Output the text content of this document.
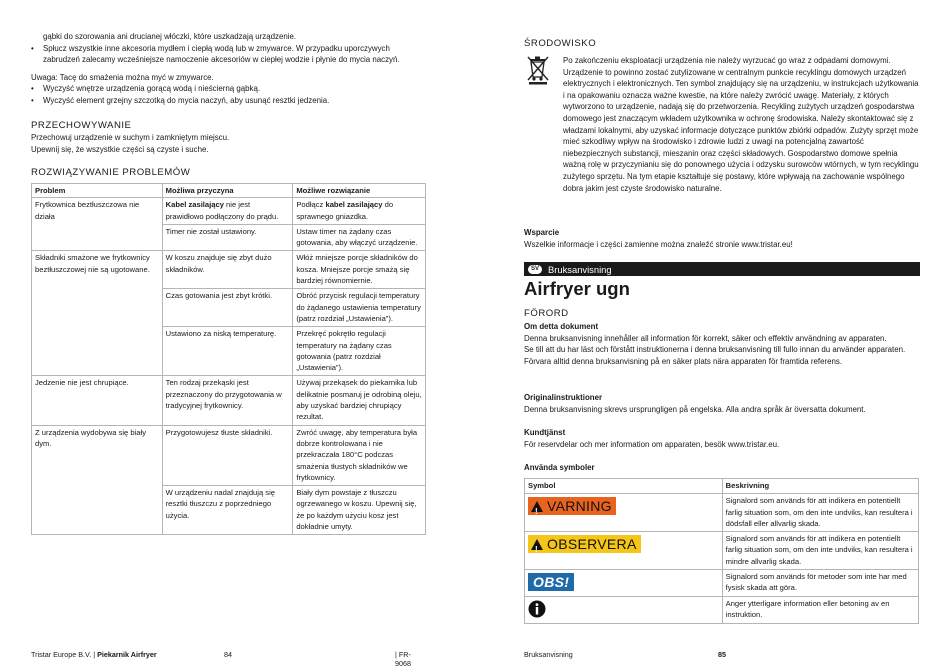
gąbki do szorowania ani drucianej włóczki, które uszkadzają urządzenie.

• Spłucz wszystkie inne akcesoria mydłem i ciepłą wodą lub w zmywarce. W przypadku uporczywych zabrudzeń zalecamy wcześniejsze namoczenie akcesoriów w ciepłej wodzie i płynie do mycia naczyń.

Uwaga: Tacę do smażenia można myć w zmywarce.

• Wyczyść wnętrze urządzenia gorącą wodą i nieścierną gąbką.
• Wyczyść element grzejny szczotką do mycia naczyń, aby usunąć resztki jedzenia.
PRZECHOWYWANIE

Przechowuj urządzenie w suchym i zamkniętym miejscu.

Upewnij się, że wszystkie części są czyste i suche.

ROZWIĄZYWANIE PROBLEMÓW
Problem	Możliwa przyczyna	Możliwe rozwiązanie
Frytkownica beztłuszczowa nie działa	Kabel zasilający nie jest prawidłowo podłączony do prądu.	Podłącz kabel zasilający do sprawnego gniazdka.
	Timer nie został ustawiony.	Ustaw timer na żądany czas gotowania, aby włączyć urządzenie.
Składniki smażone we frytkownicy beztłuszczowej nie są ugotowane.	W koszu znajduje się zbyt dużo składników.	Włóż mniejsze porcje składników do kosza. Mniejsze porcje smażą się bardziej równomiernie.
	Czas gotowania jest zbyt krótki.	Obróć przycisk regulacji temperatury do żądanego ustawienia temperatury (patrz rozdział „Ustawienia”).
	Ustawiono za niską temperaturę.	Przekręć pokrętło regulacji temperatury na żądany czas gotowania (patrz rozdział „Ustawienia”).
Jedzenie nie jest chrupiące.	Ten rodzaj przekąski jest przeznaczony do przygotowania w tradycyjnej frytkownicy.	Używaj przekąsek do piekarnika lub delikatnie posmaruj je odrobiną oleju, aby uzyskać bardziej chrupiący rezultat.
Z urządzenia wydobywa się biały dym.	Przygotowujesz tłuste składniki.	Zwróć uwagę, aby temperatura była dobrze kontrolowana i nie przekraczała 180°C podczas smażenia tłustych składników we frytkownicy.
	W urządzeniu nadal znajdują się resztki tłuszczu z poprzedniego użycia.	Biały dym powstaje z tłuszczu ogrzewanego w koszu. Upewnij się, że po każdym użyciu kosz jest dokładnie umyty.
Tristar Europe B.V. | Piekarnik Airfryer	84	| FR-9068
ŚRODOWISKO

Po zakończeniu eksploatacji urządzenia nie należy wyrzucać go wraz z odpadami domowymi. Urządzenie to powinno zostać zutylizowane w centralnym punkcie recyklingu domowych urządzeń elektrycznych i elektronicznych. Ten symbol znajdujący się na urządzeniu, w instrukcjach użytkowania i na opakowaniu oznacza ważne kwestie, na które należy zwrócić uwagę. Materiały, z których wytworzono to urządzenie, nadają się do przetworzenia. Recykling zużytych urządzeń gospodarstwa domowego jest znaczącym wkładem użytkownika w ochronę środowiska. Należy skontaktować się z władzami lokalnymi, aby uzyskać informacje dotyczące punktów zbiórki odpadów. Zużyty sprzęt może mieć szkodliwy wpływ na środowisko i zdrowie ludzi z uwagi na potencjalną zawartość niebezpiecznych substancji, mieszanin oraz części składowych. Gospodarstwo domowe spełnia ważną rolę w przyczynianiu się do ponownego użycia i odzysku surowców wtórnych, w tym recyklingu zużytego sprzętu. Na tym etapie kształtuje się postawy, które wpływają na zachowanie wspólnego dobra jakim jest czyste środowisko naturalne.

Wsparcie

Wszelkie informacje i części zamienne można znaleźć stronie www.tristar.eu!

SV Bruksanvisning
Airfryer ugn
FÖRORD
Om detta dokument

Denna bruksanvisning innehåller all information för korrekt, säker och effektiv användning av apparaten.

Se till att du har läst och förstått instruktionerna i denna bruksanvisning till fullo innan du använder apparaten.

Förvara alltid denna bruksanvisning på en säker plats nära apparaten för framtida referens.

Originalinstruktioner

Denna bruksanvisning skrevs ursprungligen på engelska. Alla andra språk är översatta dokument.

Kundtjänst

För reservdelar och mer information om apparaten, besök www.tristar.eu.

Använda symboler
Symbol	Beskrivning

! VARNING	Signalord som används för att indikera en potentiellt farlig situation som, om den inte undviks, kan resultera i dödsfall eller allvarlig skada.

! OBSERVERA	Signalord som används för att indikera en potentiellt farlig situation som, om den inte undviks, kan resultera i mindre allvarlig skada.
OBS!	Signalord som används för metoder som inte har med fysisk skada att göra.
	Anger ytterligare information eller betoning av en instruktion.
Bruksanvisning	85
